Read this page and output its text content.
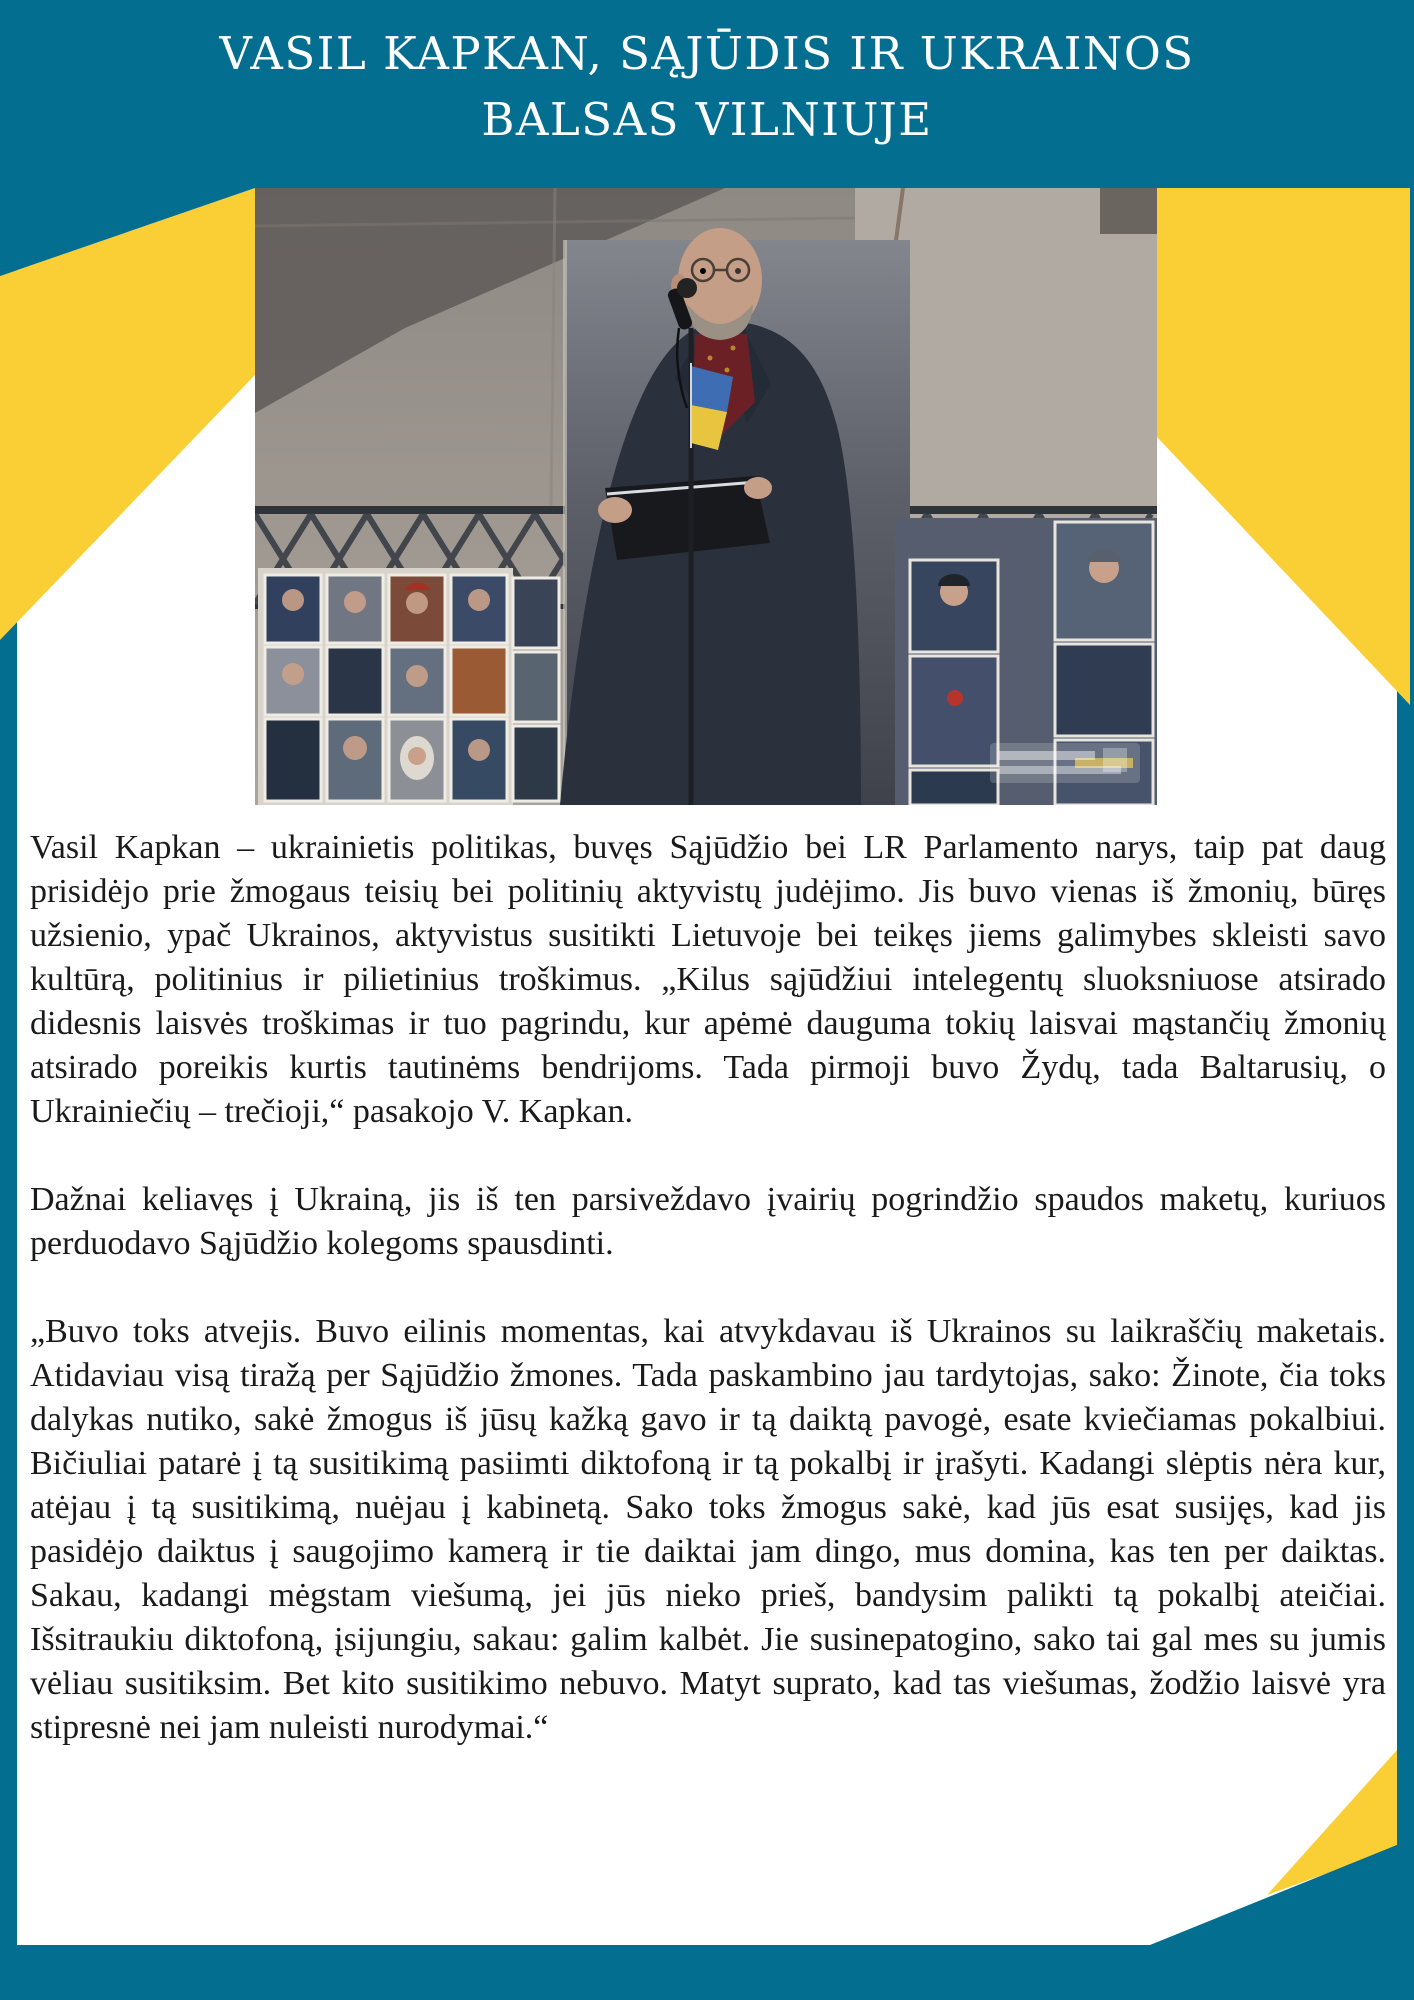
VASIL KAPKAN, SĄJŪDIS IR UKRAINOS
BALSAS VILNIUJE

Vasil Kapkan – ukrainietis politikas, buvęs Sąjūdžio bei LR Parlamento narys, taip pat daug prisidėjo prie žmogaus teisių bei politinių aktyvistų judėjimo. Jis buvo vienas iš žmonių, būręs užsienio, ypač Ukrainos, aktyvistus susitikti Lietuvoje bei teikęs jiems galimybes skleisti savo kultūrą, politinius ir pilietinius troškimus. „Kilus sąjūdžiui intelegentų sluoksniuose atsirado didesnis laisvės troškimas ir tuo pagrindu, kur apėmė dauguma tokių laisvai mąstančių žmonių atsirado poreikis kurtis tautinėms bendrijoms. Tada pirmoji buvo Žydų, tada Baltarusių, o Ukrainiečių – trečioji,“ pasakojo V. Kapkan.

Dažnai keliavęs į Ukrainą, jis iš ten parsiveždavo įvairių pogrindžio spaudos maketų, kuriuos perduodavo Sąjūdžio kolegoms spausdinti.

„Buvo toks atvejis. Buvo eilinis momentas, kai atvykdavau iš Ukrainos su laikraščių maketais. Atidaviau visą tiražą per Sąjūdžio žmones. Tada paskambino jau tardytojas, sako: Žinote, čia toks dalykas nutiko, sakė žmogus iš jūsų kažką gavo ir tą daiktą pavogė, esate kviečiamas pokalbiui. Bičiuliai patarė į tą susitikimą pasiimti diktofoną ir tą pokalbį ir įrašyti. Kadangi slėptis nėra kur, atėjau į tą susitikimą, nuėjau į kabinetą. Sako toks žmogus sakė, kad jūs esat susijęs, kad jis pasidėjo daiktus į saugojimo kamerą ir tie daiktai jam dingo, mus domina, kas ten per daiktas. Sakau, kadangi mėgstam viešumą, jei jūs nieko prieš, bandysim palikti tą pokalbį ateičiai. Išsitraukiu diktofoną, įsijungiu, sakau: galim kalbėt. Jie susinepatogino, sako tai gal mes su jumis vėliau susitiksim. Bet kito susitikimo nebuvo. Matyt suprato, kad tas viešumas, žodžio laisvė yra stipresnė nei jam nuleisti nurodymai.“
